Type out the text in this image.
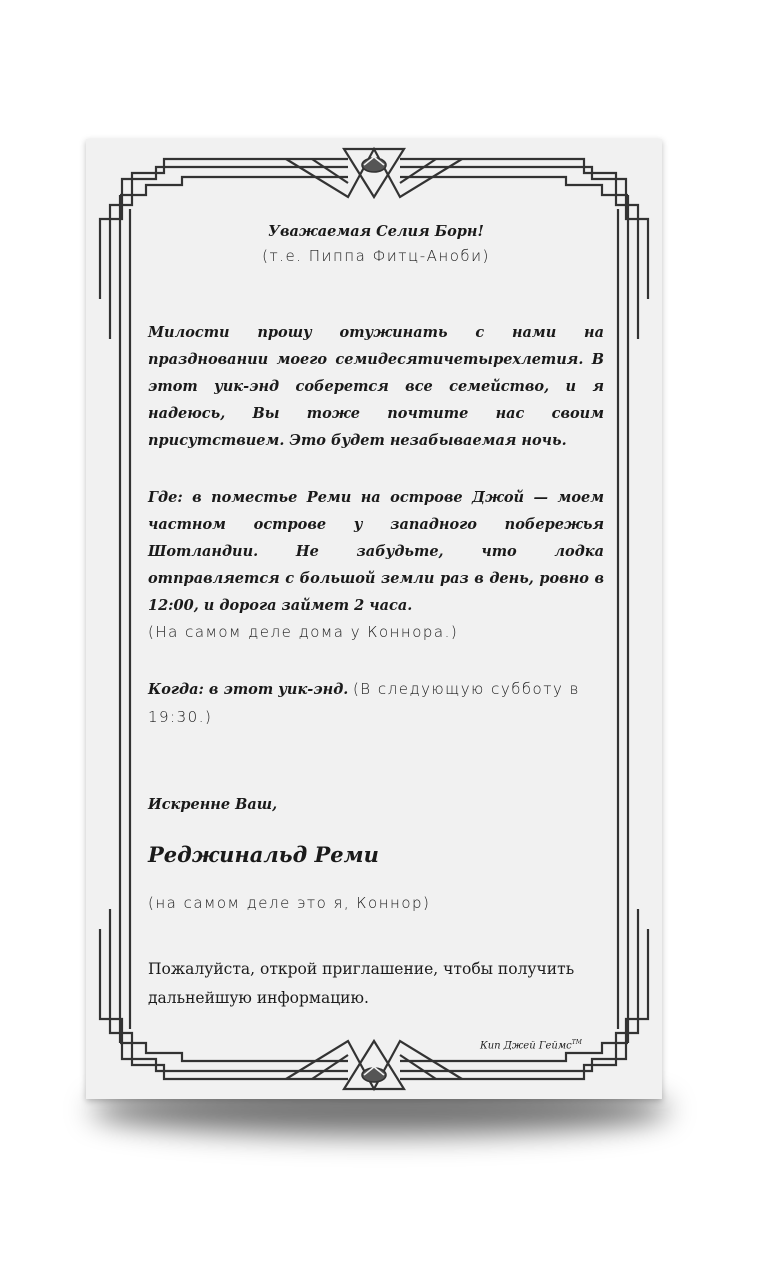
Уважаемая Селия Борн!

(т.е. Пиппа Фитц-Аноби)

Милости прошу отужинать с нами на праздновании моего семидесятичетырехлетия. В этот уик-энд соберется все семейство, и я надеюсь, Вы тоже почтите нас своим присутствием. Это будет незабываемая ночь.

Где: в поместье Реми на острове Джой — моем частном острове у западного побережья Шотландии. Не забудьте, что лодка отправляется с большой земли раз в день, ровно в 12:00, и дорога займет 2 часа.

(На самом деле дома у Коннора.)

Когда: в этот уик-энд. (В следующую субботу в 19:30.)

Искренне Ваш,

Реджинальд Реми

(на самом деле это я, Коннор)

Пожалуйста, открой приглашение, чтобы получить дальнейшую информацию.

Кип Джей Геймс™
